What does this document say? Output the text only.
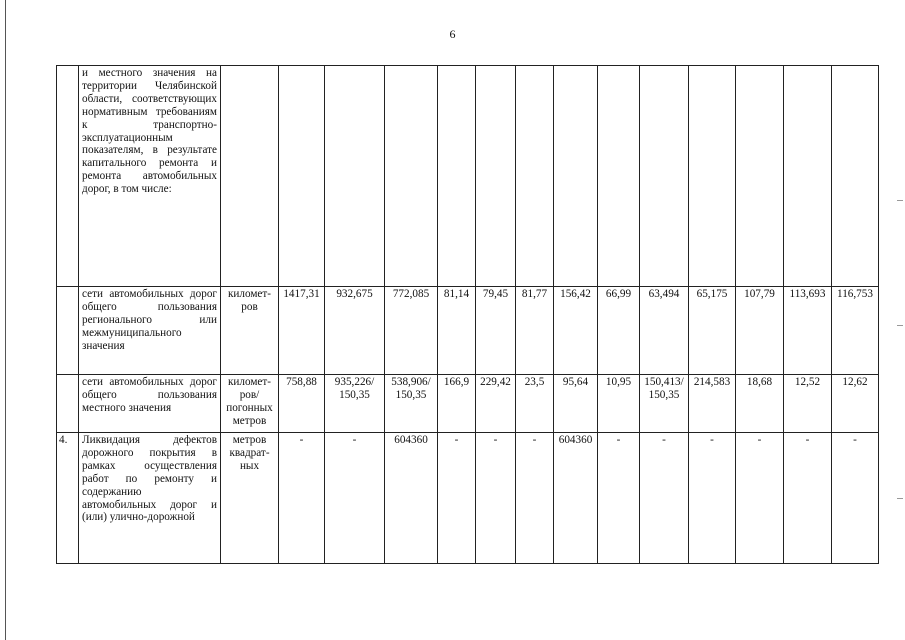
6
	и местного значения на территории Челябинской области, соответствующих нормативным требованиям к транспортно-эксплуатационным показателям, в результате капитального ремонта и ремонта автомобильных дорог, в том числе:														
	сети автомобильных дорог общего пользования регионального или межмуниципального значения	километ-ров	1417,31	932,675	772,085	81,14	79,45	81,77	156,42	66,99	63,494	65,175	107,79	113,693	116,753
	сети автомобильных дорог общего пользования местного значения	километ-ров/ погонных метров	758,88	935,226/ 150,35	538,906/ 150,35	166,9	229,42	23,5	95,64	10,95	150,413/ 150,35	214,583	18,68	12,52	12,62
4.	Ликвидация дефектов дорожного покрытия в рамках осуществления работ по ремонту и содержанию автомобильных дорог и (или) улично-дорожной	метров квадрат-ных	-	-	604360	-	-	-	604360	-	-	-	-	-	-
